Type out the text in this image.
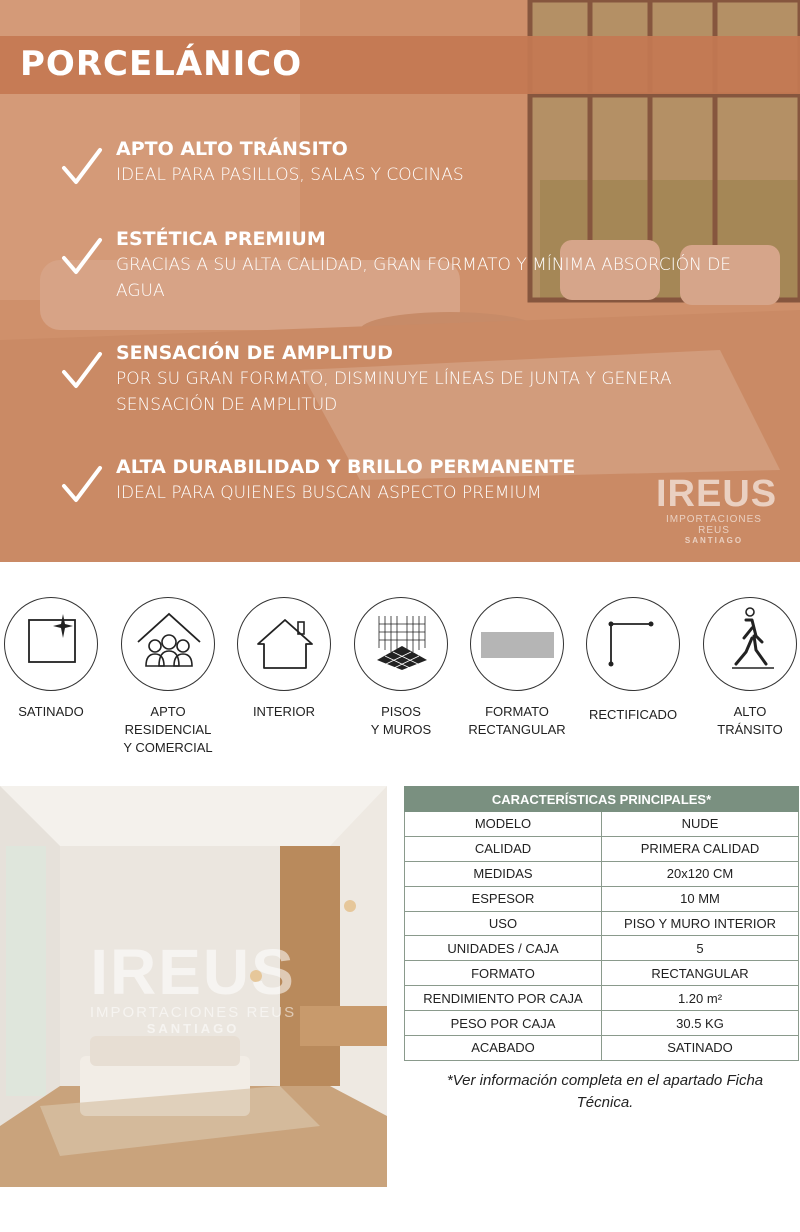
PORCELÁNICO
APTO ALTO TRÁNSITO
IDEAL PARA PASILLOS, SALAS Y COCINAS
ESTÉTICA PREMIUM
GRACIAS A SU ALTA CALIDAD, GRAN FORMATO Y MÍNIMA ABSORCIÓN DE AGUA
SENSACIÓN DE AMPLITUD
POR SU GRAN FORMATO, DISMINUYE LÍNEAS DE JUNTA Y GENERA SENSACIÓN DE AMPLITUD
ALTA DURABILIDAD Y BRILLO PERMANENTE
IDEAL PARA QUIENES BUSCAN ASPECTO PREMIUM	IREUS
IMPORTACIONES REUS
SANTIAGO
SATINADO	APTO
RESIDENCIAL
Y COMERCIAL
INTERIOR	PISOS
Y MUROS
FORMATO
RECTANGULAR
RECTIFICADO	ALTO
TRÁNSITO
IREUS
IMPORTACIONES REUS
SANTIAGO
CARACTERÍSTICAS PRINCIPALES*	
MODELO	NUDE
CALIDAD	PRIMERA CALIDAD
MEDIDAS	20x120 CM
ESPESOR	10 MM
USO	PISO Y MURO INTERIOR
UNIDADES / CAJA	5
FORMATO	RECTANGULAR
RENDIMIENTO POR CAJA	1.20 m²
PESO POR CAJA	30.5 KG
ACABADO	SATINADO
*Ver información completa en el apartado Ficha Técnica.
